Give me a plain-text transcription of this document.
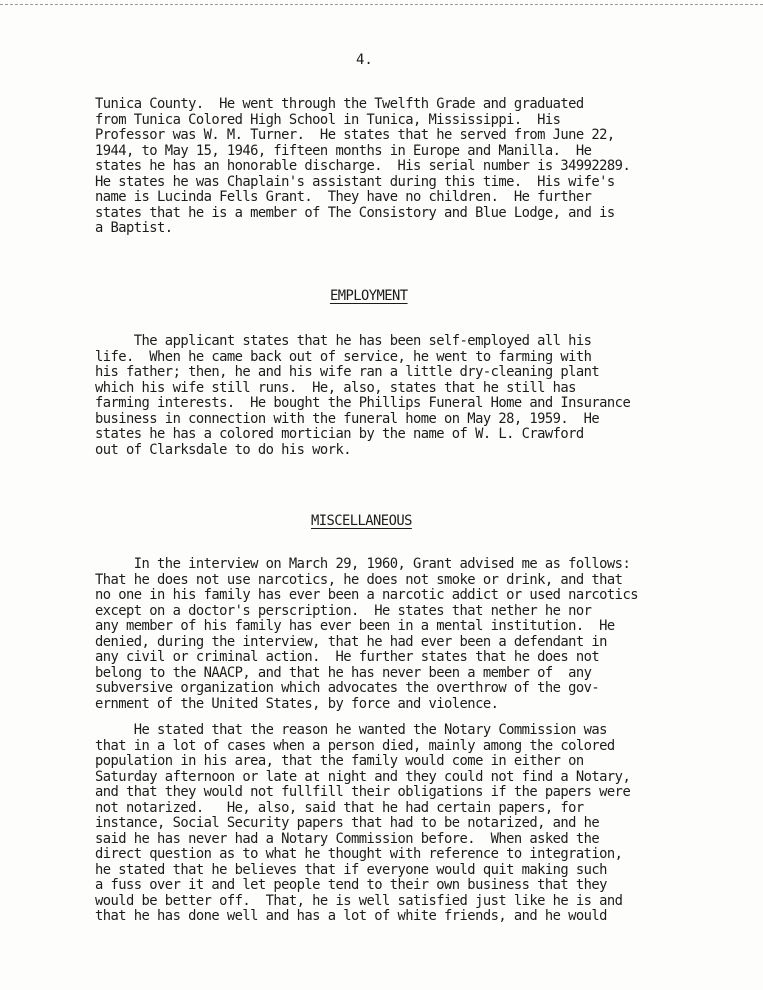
4.
Tunica County.  He went through the Twelfth Grade and graduated
from Tunica Colored High School in Tunica, Mississippi.  His
Professor was W. M. Turner.  He states that he served from June 22,
1944, to May 15, 1946, fifteen months in Europe and Manilla.  He
states he has an honorable discharge.  His serial number is 34992289.
He states he was Chaplain's assistant during this time.  His wife's
name is Lucinda Fells Grant.  They have no children.  He further
states that he is a member of The Consistory and Blue Lodge, and is
a Baptist.
EMPLOYMENT
The applicant states that he has been self-employed all his
life.  When he came back out of service, he went to farming with
his father; then, he and his wife ran a little dry-cleaning plant
which his wife still runs.  He, also, states that he still has
farming interests.  He bought the Phillips Funeral Home and Insurance
business in connection with the funeral home on May 28, 1959.  He
states he has a colored mortician by the name of W. L. Crawford
out of Clarksdale to do his work.
MISCELLANEOUS
In the interview on March 29, 1960, Grant advised me as follows:
That he does not use narcotics, he does not smoke or drink, and that
no one in his family has ever been a narcotic addict or used narcotics
except on a doctor's perscription.  He states that nether he nor
any member of his family has ever been in a mental institution.  He
denied, during the interview, that he had ever been a defendant in
any civil or criminal action.  He further states that he does not
belong to the NAACP, and that he has never been a member of  any
subversive organization which advocates the overthrow of the gov-
ernment of the United States, by force and violence.
He stated that the reason he wanted the Notary Commission was
that in a lot of cases when a person died, mainly among the colored
population in his area, that the family would come in either on
Saturday afternoon or late at night and they could not find a Notary,
and that they would not fullfill their obligations if the papers were
not notarized.   He, also, said that he had certain papers, for
instance, Social Security papers that had to be notarized, and he
said he has never had a Notary Commission before.  When asked the
direct question as to what he thought with reference to integration,
he stated that he believes that if everyone would quit making such
a fuss over it and let people tend to their own business that they
would be better off.  That, he is well satisfied just like he is and
that he has done well and has a lot of white friends, and he would
